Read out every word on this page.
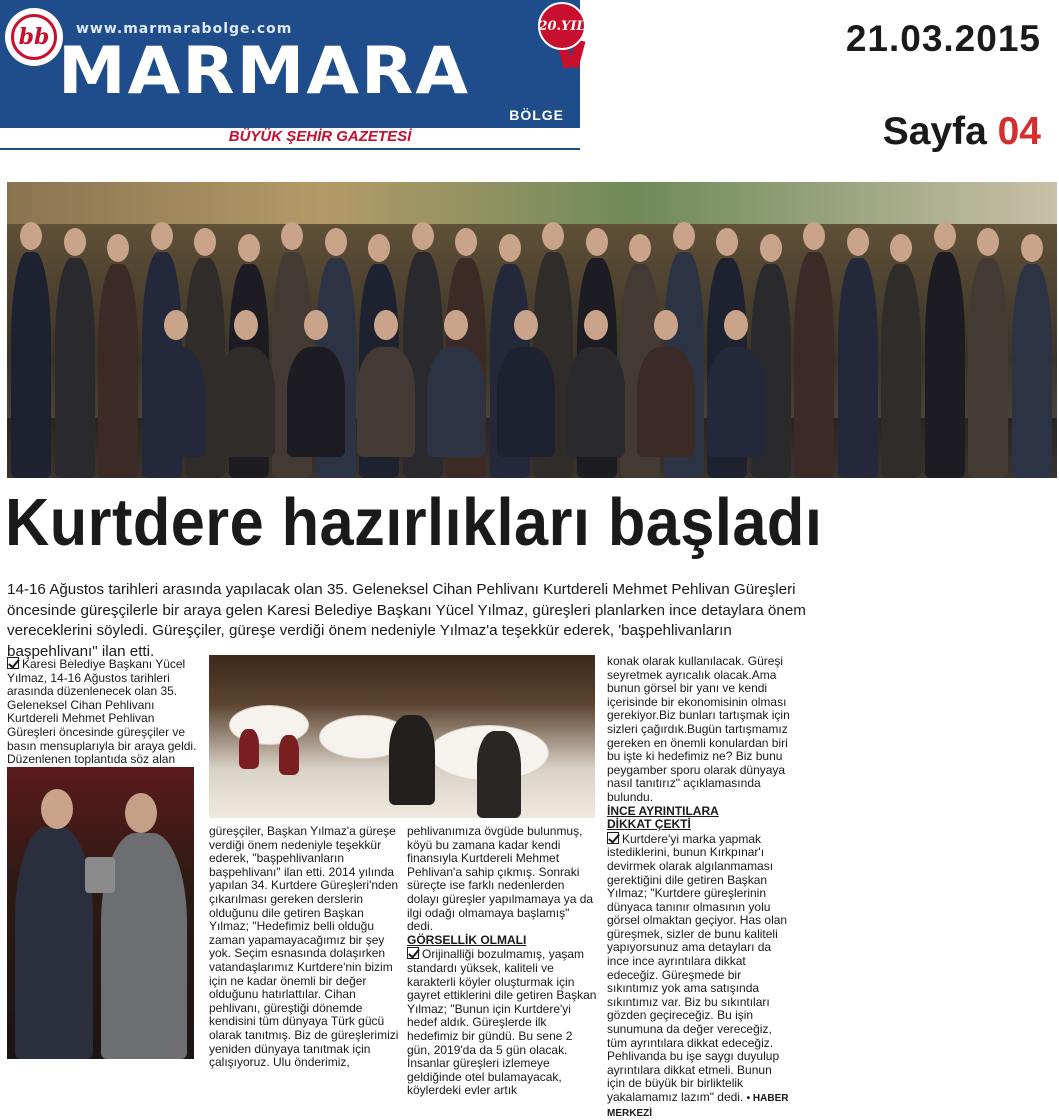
bb	www.marmarabolge.com
MARMARA
BÖLGE
20.YIL
BÜYÜK ŞEHİR GAZETESİ
21.03.2015
Sayfa 04
Kurtdere hazırlıkları başladı

14-16 Ağustos tarihleri arasında yapılacak olan 35. Geleneksel Cihan Pehlivanı Kurtdereli Mehmet Pehlivan Güreşleri öncesinde güreşçilerle bir araya gelen Karesi Belediye Başkanı Yücel Yılmaz, güreşleri planlarken ince detaylara önem vereceklerini söyledi. Güreşçiler, güreşe verdiği önem nedeniyle Yılmaz'a teşekkür ederek, 'başpehlivanların başpehlivanı" ilan etti.

Karesi Belediye Başkanı Yücel Yılmaz, 14-16 Ağustos tarihleri arasında düzenlenecek olan 35. Geleneksel Cihan Pehlivanı Kurtdereli Mehmet Pehlivan Güreşleri öncesinde güreşçiler ve basın mensuplarıyla bir araya geldi. Düzenlenen toplantıda söz alan

güreşçiler, Başkan Yılmaz'a güreşe verdiği önem nedeniyle teşekkür ederek, "başpehlivanların başpehlivanı" ilan etti. 2014 yılında yapılan 34. Kurtdere Güreşleri'nden çıkarılması gereken derslerin olduğunu dile getiren Başkan Yılmaz; "Hedefimiz belli olduğu zaman yapamayacağımız bir şey yok. Seçim esnasında dolaşırken vatandaşlarımız Kurtdere'nin bizim için ne kadar önemli bir değer olduğunu hatırlattılar. Cihan pehlivanı, güreştiği dönemde kendisini tüm dünyaya Türk gücü olarak tanıtmış. Biz de güreşlerimizi yeniden dünyaya tanıtmak için çalışıyoruz. Ulu önderimiz,

pehlivanımıza övgüde bulunmuş, köyü bu zamana kadar kendi finansıyla Kurtdereli Mehmet Pehlivan'a sahip çıkmış. Sonraki süreçte ise farklı nedenlerden dolayı güreşler yapılmamaya ya da ilgi odağı olmamaya başlamış" dedi.

GÖRSELLİK OLMALI

Orijinalliği bozulmamış, yaşam standardı yüksek, kaliteli ve karakterli köyler oluşturmak için gayret ettiklerini dile getiren Başkan Yılmaz; "Bunun için Kurtdere'yi hedef aldık. Güreşlerde ilk hedefimiz bir gündü. Bu sene 2 gün, 2019'da da 5 gün olacak. İnsanlar güreşleri izlemeye geldiğinde otel bulamayacak, köylerdeki evler artık

konak olarak kullanılacak. Güreşi seyretmek ayrıcalık olacak.Ama bunun görsel bir yanı ve kendi içerisinde bir ekonomisinin olması gerekiyor.Biz bunları tartışmak için sizleri çağırdık.Bugün tartışmamız gereken en önemli konulardan biri bu işte ki hedefimiz ne? Biz bunu peygamber sporu olarak dünyaya nasıl tanıtırız" açıklamasında bulundu.

İNCE AYRINTILARA

DİKKAT ÇEKTİ

Kurtdere'yi marka yapmak istediklerini, bunun Kırkpınar'ı devirmek olarak algılanmaması gerektiğini dile getiren Başkan Yılmaz; "Kurtdere güreşlerinin dünyaca tanınır olmasının yolu görsel olmaktan geçiyor. Has olan güreşmek, sizler de bunu kaliteli yapıyorsunuz ama detayları da ince ince ayrıntılara dikkat edeceğiz. Güreşmede bir sıkıntımız yok ama satışında sıkıntımız var. Biz bu sıkıntıları gözden geçireceğiz. Bu işin sunumuna da değer vereceğiz, tüm ayrıntılara dikkat edeceğiz. Pehlivanda bu işe saygı duyulup ayrıntılara dikkat etmeli. Bunun için de büyük bir birliktelik yakalamamız lazım" dedi. • HABER MERKEZİ
